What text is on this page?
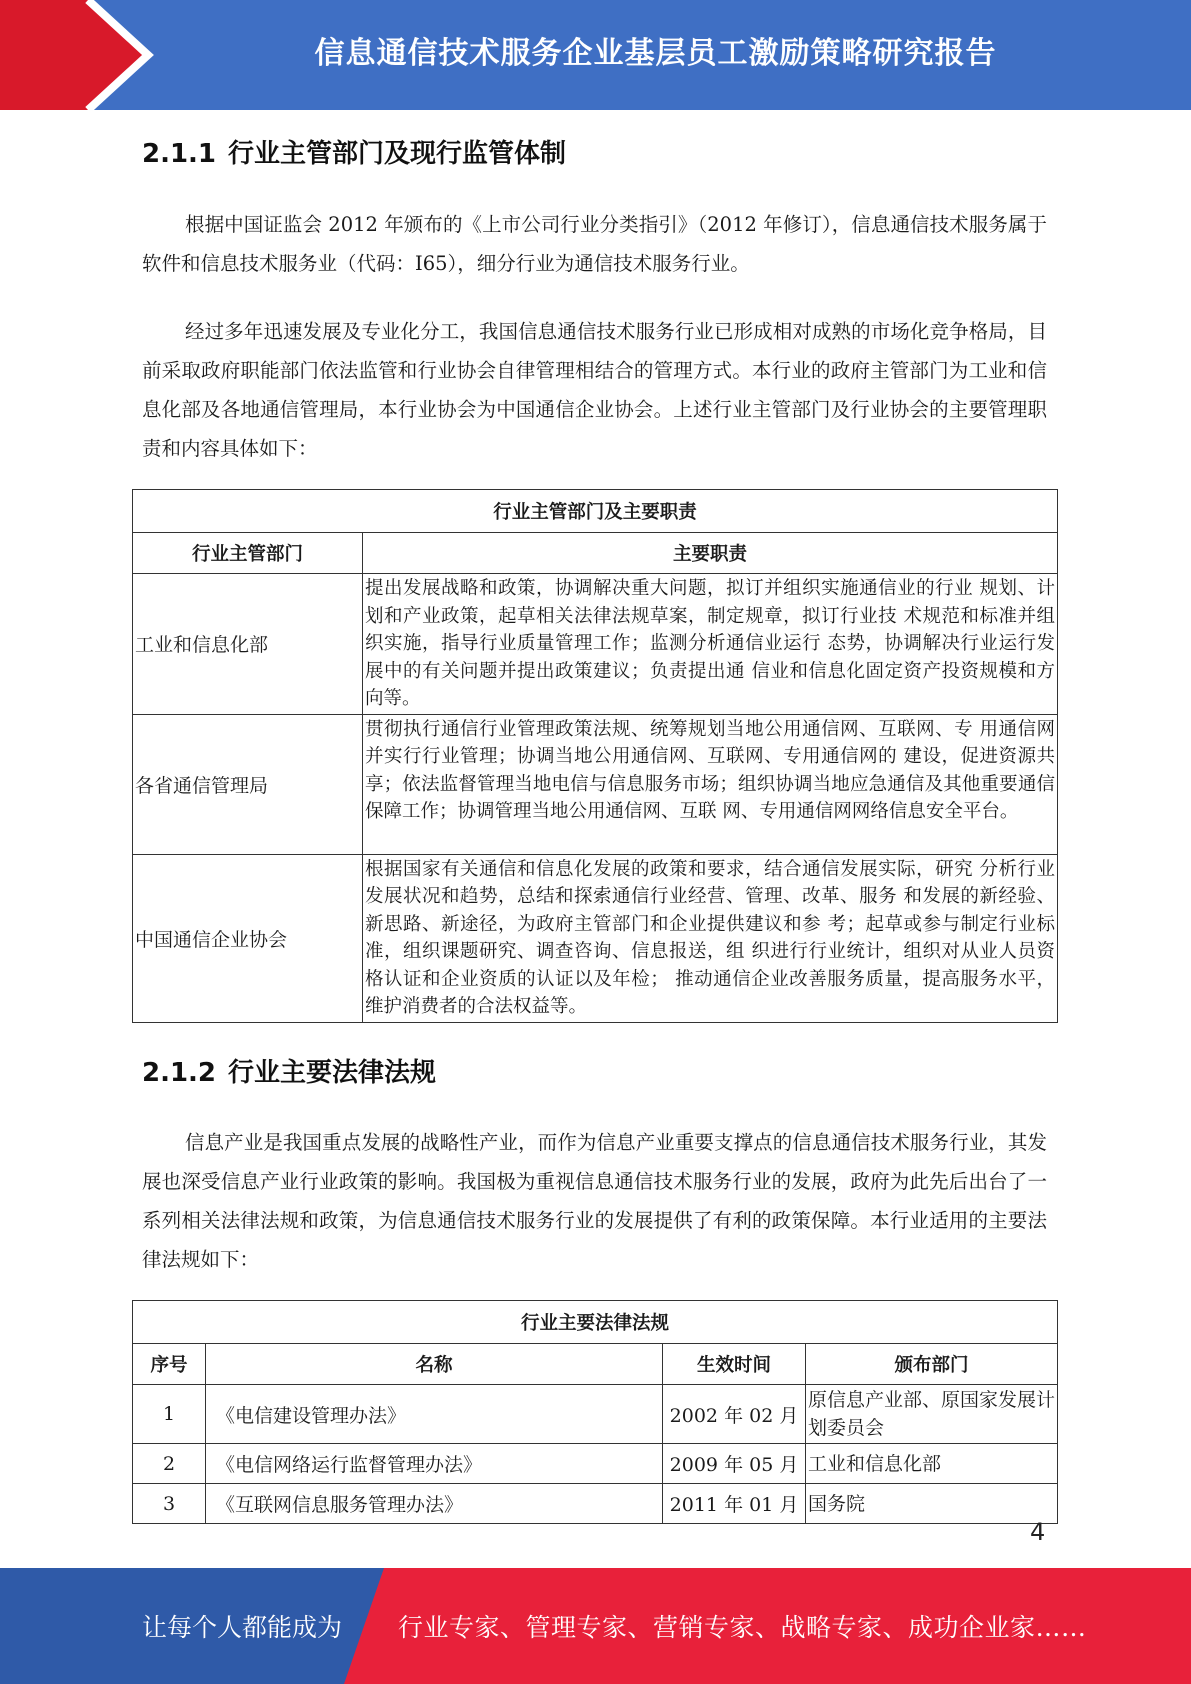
信息通信技术服务企业基层员工激励策略研究报告
2.1.1 行业主管部门及现行监管体制

根据中国证监会 2012 年颁布的《上市公司行业分类指引》（2012 年修订），信息通信技术服务属于软件和信息技术服务业（代码：I65），细分行业为通信技术服务行业。

经过多年迅速发展及专业化分工，我国信息通信技术服务行业已形成相对成熟的市场化竞争格局，目前采取政府职能部门依法监管和行业协会自律管理相结合的管理方式。本行业的政府主管部门为工业和信息化部及各地通信管理局，本行业协会为中国通信企业协会。上述行业主管部门及行业协会的主要管理职责和内容具体如下：

行业主管部门及主要职责	
行业主管部门	主要职责
工业和信息化部	提出发展战略和政策，协调解决重大问题，拟订并组织实施通信业的行业 规划、计划和产业政策，起草相关法律法规草案，制定规章，拟订行业技 术规范和标准并组织实施，指导行业质量管理工作；监测分析通信业运行 态势，协调解决行业运行发展中的有关问题并提出政策建议；负责提出通 信业和信息化固定资产投资规模和方向等。
各省通信管理局	贯彻执行通信行业管理政策法规、统筹规划当地公用通信网、互联网、专 用通信网并实行行业管理；协调当地公用通信网、互联网、专用通信网的 建设，促进资源共享；依法监督管理当地电信与信息服务市场；组织协调当地应急通信及其他重要通信保障工作；协调管理当地公用通信网、互联 网、专用通信网网络信息安全平台。
中国通信企业协会	根据国家有关通信和信息化发展的政策和要求，结合通信发展实际，研究 分析行业发展状况和趋势，总结和探索通信行业经营、管理、改革、服务 和发展的新经验、新思路、新途径，为政府主管部门和企业提供建议和参 考；起草或参与制定行业标准，组织课题研究、调查咨询、信息报送，组 织进行行业统计，组织对从业人员资格认证和企业资质的认证以及年检； 推动通信企业改善服务质量，提高服务水平，维护消费者的合法权益等。
2.1.2 行业主要法律法规

信息产业是我国重点发展的战略性产业，而作为信息产业重要支撑点的信息通信技术服务行业，其发展也深受信息产业行业政策的影响。我国极为重视信息通信技术服务行业的发展，政府为此先后出台了一系列相关法律法规和政策，为信息通信技术服务行业的发展提供了有利的政策保障。本行业适用的主要法律法规如下：

行业主要法律法规			
序号	名称	生效时间	颁布部门
1	《电信建设管理办法》	2002 年 02 月	原信息产业部、原国家发展计划委员会
2	《电信网络运行监督管理办法》	2009 年 05 月	工业和信息化部
3	《互联网信息服务管理办法》	2011 年 01 月	国务院
4
让每个人都能成为 行业专家、管理专家、营销专家、战略专家、成功企业家……
